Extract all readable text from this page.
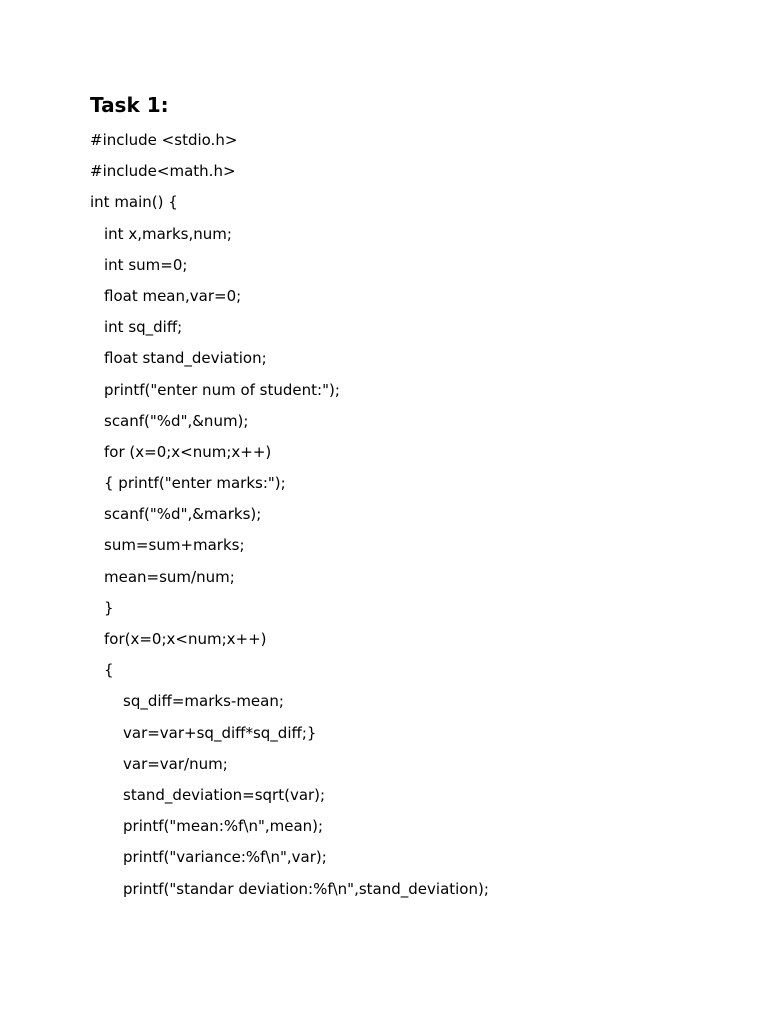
Task 1:
#include <stdio.h>
#include<math.h>
int main() {
int x,marks,num;
int sum=0;
float mean,var=0;
int sq_diff;
float stand_deviation;
printf("enter num of student:");
scanf("%d",&num);
for (x=0;x<num;x++)
{ printf("enter marks:");
scanf("%d",&marks);
sum=sum+marks;
mean=sum/num;
}
for(x=0;x<num;x++)
{
sq_diff=marks-mean;
var=var+sq_diff*sq_diff;}
var=var/num;
stand_deviation=sqrt(var);
printf("mean:%f\n",mean);
printf("variance:%f\n",var);
printf("standar deviation:%f\n",stand_deviation);
